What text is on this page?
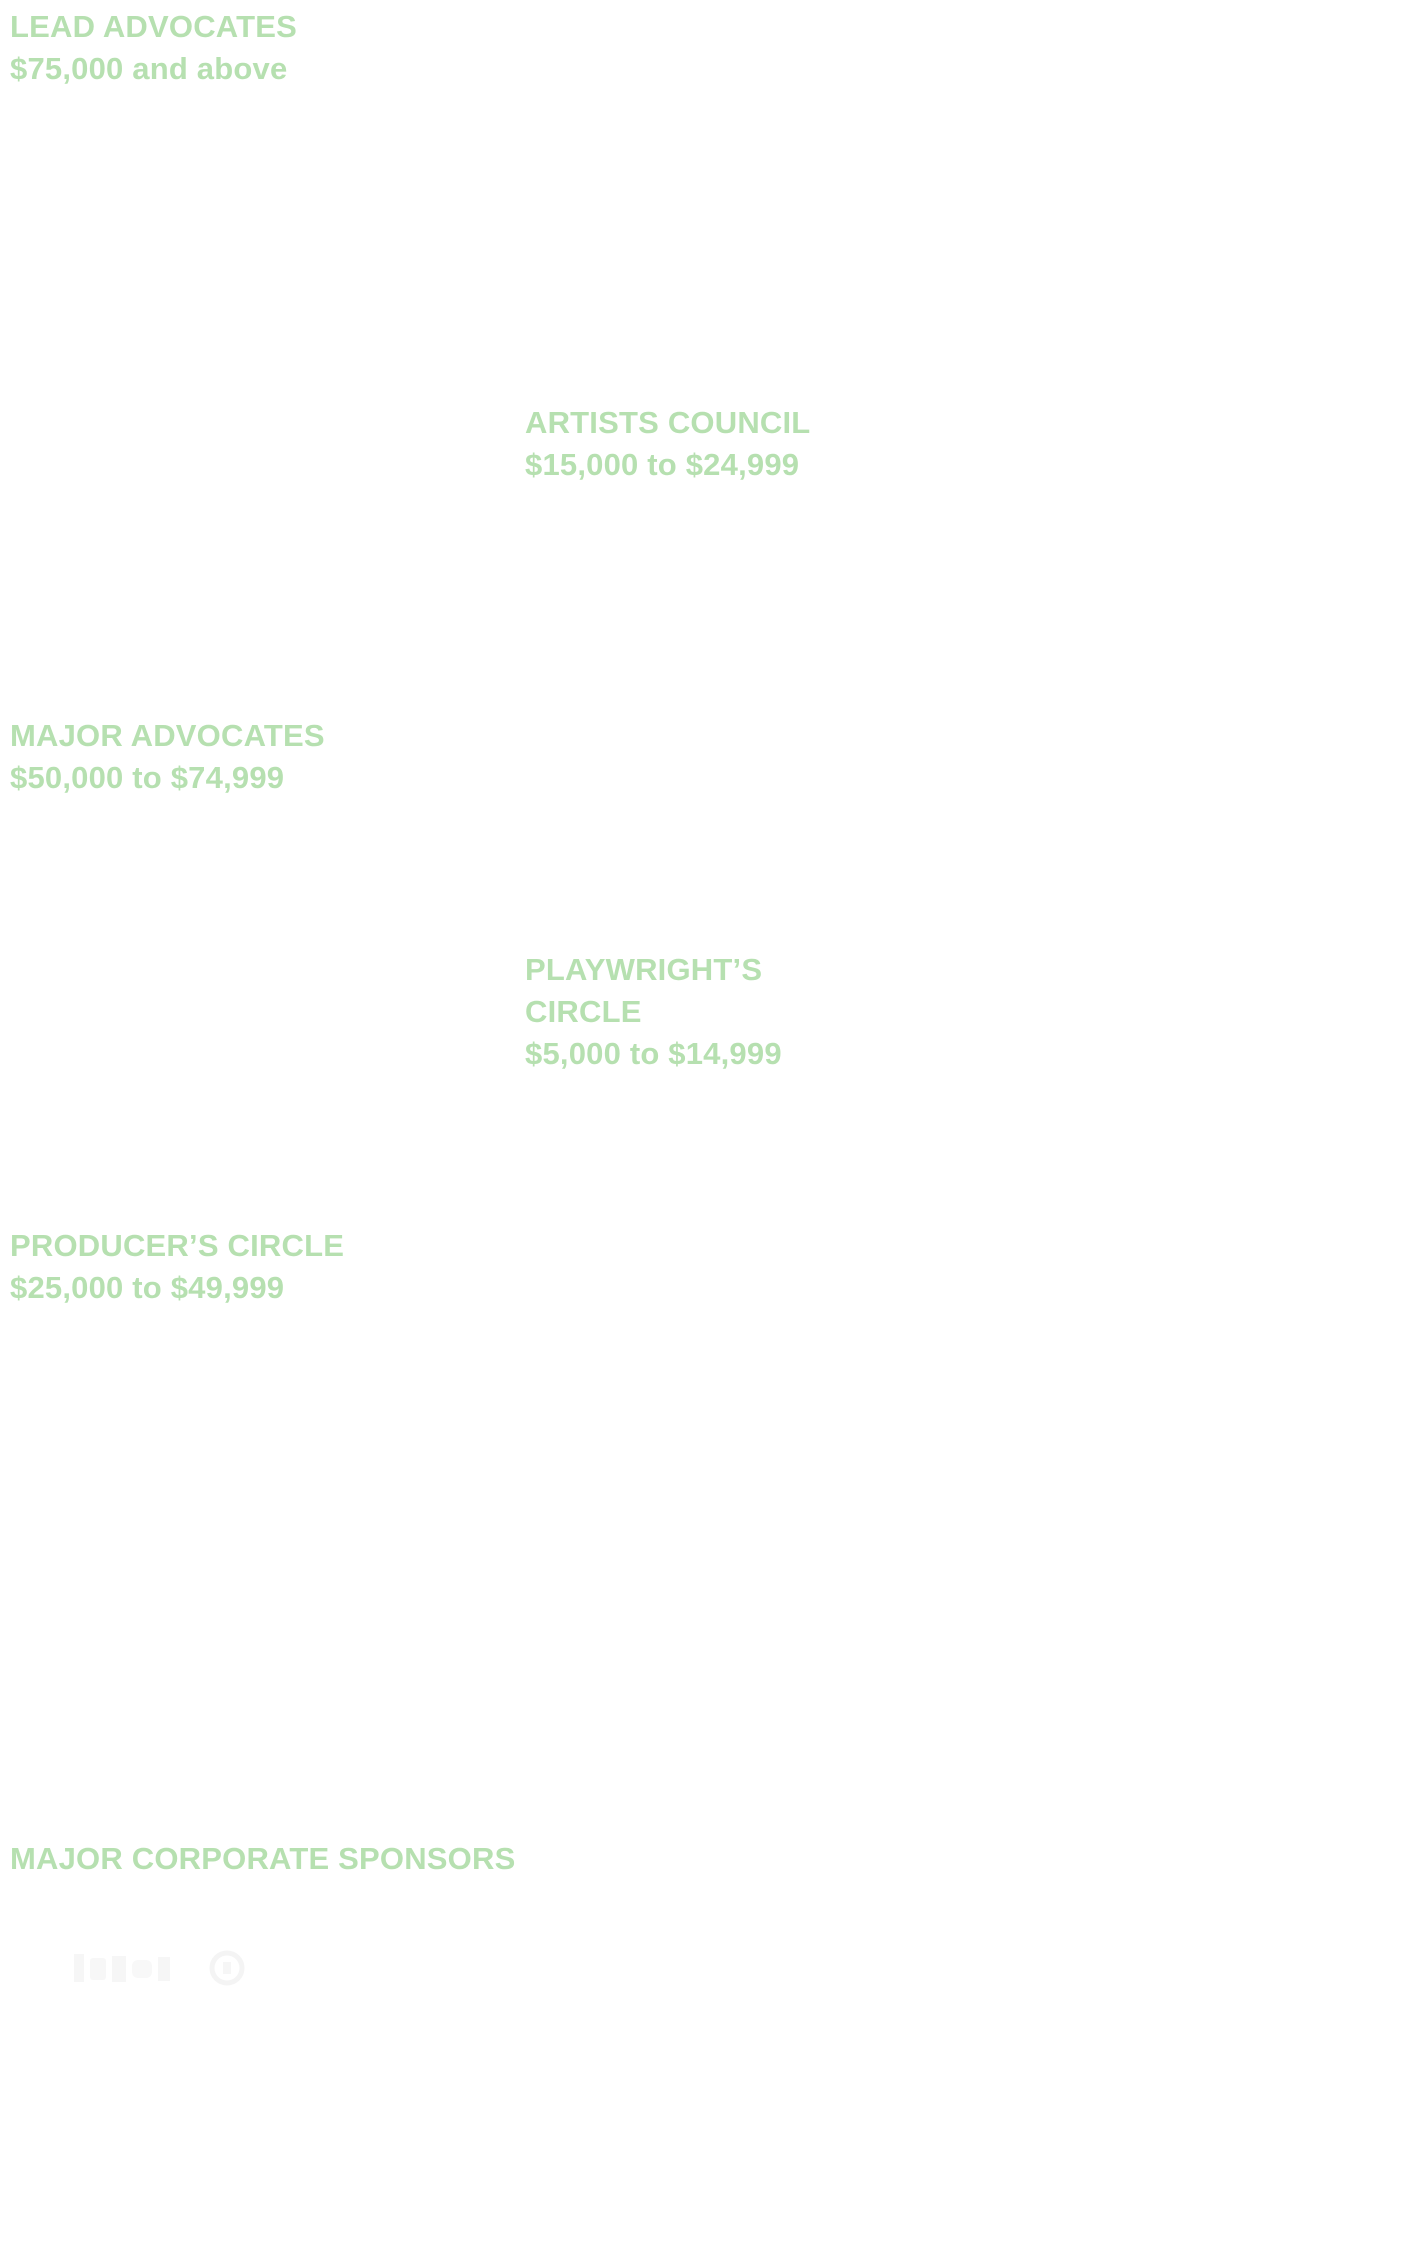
LEAD ADVOCATES
$75,000 and above
ARTISTS COUNCIL
$15,000 to $24,999
MAJOR ADVOCATES
$50,000 to $74,999
PLAYWRIGHT’S
CIRCLE
$5,000 to $14,999
PRODUCER’S CIRCLE
$25,000 to $49,999
MAJOR CORPORATE SPONSORS
